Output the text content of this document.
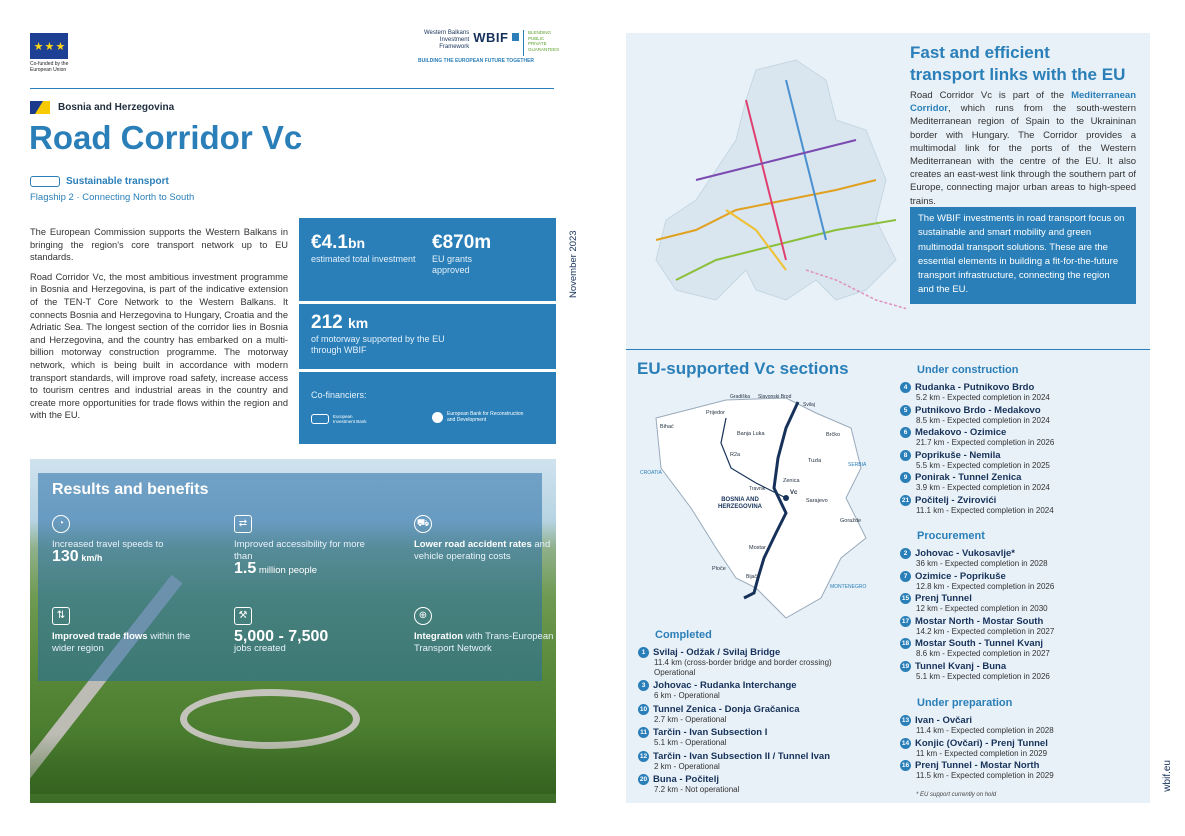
★ ★ ★
Co-funded by the European Union
Western Balkans
Investment Framework
WBIF	BLENDING PUBLIC PRIVATE GUARANTEES
BUILDING THE EUROPEAN FUTURE TOGETHER
Bosnia and Herzegovina
Road Corridor Vc
Sustainable transport
Flagship 2 · Connecting North to South

The European Commission supports the Western Balkans in bringing the region's core transport network up to EU standards.

Road Corridor Vc, the most ambitious investment programme in Bosnia and Herzegovina, is part of the indicative extension of the TEN-T Core Network to the Western Balkans. It connects Bosnia and Herzegovina to Hungary, Croatia and the Adriatic Sea. The longest section of the corridor lies in Bosnia and Herzegovina, and the country has embarked on a multi-billion motorway construction programme. The motorway network, which is being built in accordance with modern transport standards, will improve road safety, increase access to tourism centres and industrial areas in the country and create more opportunities for trade flows within the region and with the EU.

€4.1bn
estimated total investment
€870m
EU grants approved
212 km
of motorway supported by the EU through WBIF
Co-financiers:
European Investment Bank
European Bank for Reconstruction and Development
November 2023
Results and benefits
◔
Increased travel speeds to
130 km/h
⇄
Improved accessibility for more than
1.5 million people
⛟
Lower road accident rates and vehicle operating costs
⇅
Improved trade flows within the wider region
⚒
5,000 - 7,500
jobs created
⊕
Integration with Trans-European Transport Network
Fast and efficient
transport links with the EU
Road Corridor Vc is part of the Mediterranean Corridor, which runs from the south-western Mediterranean region of Spain to the Ukraininan border with Hungary. The Corridor provides a multimodal link for the ports of the Western Mediterranean with the centre of the EU. It also creates an east-west link through the southern part of Europe, connecting major urban areas to high-speed trains.
The WBIF investments in road transport focus on sustainable and smart mobility and green multimodal transport solutions. These are the essential elements in building a fit-for-the-future transport infrastructure, connecting the region and the EU.
EU-supported Vc sections
CROATIA
SERBIA
MONTENEGRO
BOSNIA AND
HERZEGOVINA
Bihać
Prijedor
Banja Luka
Gradiška Slavonski Brod
Svilaj
Brčko
Tuzla
Zenica
Travnik
Sarajevo
Goražde
Mostar
Ploče
Bijača
Vc
R2a
Completed
1 Svilaj - Odžak / Svilaj Bridge
11.4 km (cross-border bridge and border crossing)
Operational
3 Johovac - Rudanka Interchange
6 km - Operational
10 Tunnel Zenica - Donja Gračanica
2.7 km - Operational
11 Tarčin - Ivan Subsection I
5.1 km - Operational
12 Tarčin - Ivan Subsection II / Tunnel Ivan
2 km - Operational
20 Buna - Počitelj
7.2 km - Not operational
Under construction
4 Rudanka - Putnikovo Brdo
5.2 km - Expected completion in 2024
5 Putnikovo Brdo - Medakovo
8.5 km - Expected completion in 2024
6 Medakovo - Ozimice
21.7 km - Expected completion in 2026
8 Poprikuše - Nemila
5.5 km - Expected completion in 2025
9 Ponirak - Tunnel Zenica
3.9 km - Expected completion in 2024
21 Počitelj - Zvirovići
11.1 km - Expected completion in 2024
Procurement
2 Johovac - Vukosavlje*
36 km - Expected completion in 2028
7 Ozimice - Poprikuše
12.8 km - Expected completion in 2026
15 Prenj Tunnel
12 km - Expected completion in 2030
17 Mostar North - Mostar South
14.2 km - Expected completion in 2027
18 Mostar South - Tunnel Kvanj
8.6 km - Expected completion in 2027
19 Tunnel Kvanj - Buna
5.1 km - Expected completion in 2026
Under preparation
13 Ivan - Ovčari
11.4 km - Expected completion in 2028
14 Konjic (Ovčari) - Prenj Tunnel
11 km - Expected completion in 2029
16 Prenj Tunnel - Mostar North
11.5 km - Expected completion in 2029
* EU support currently on hold
wbif.eu
